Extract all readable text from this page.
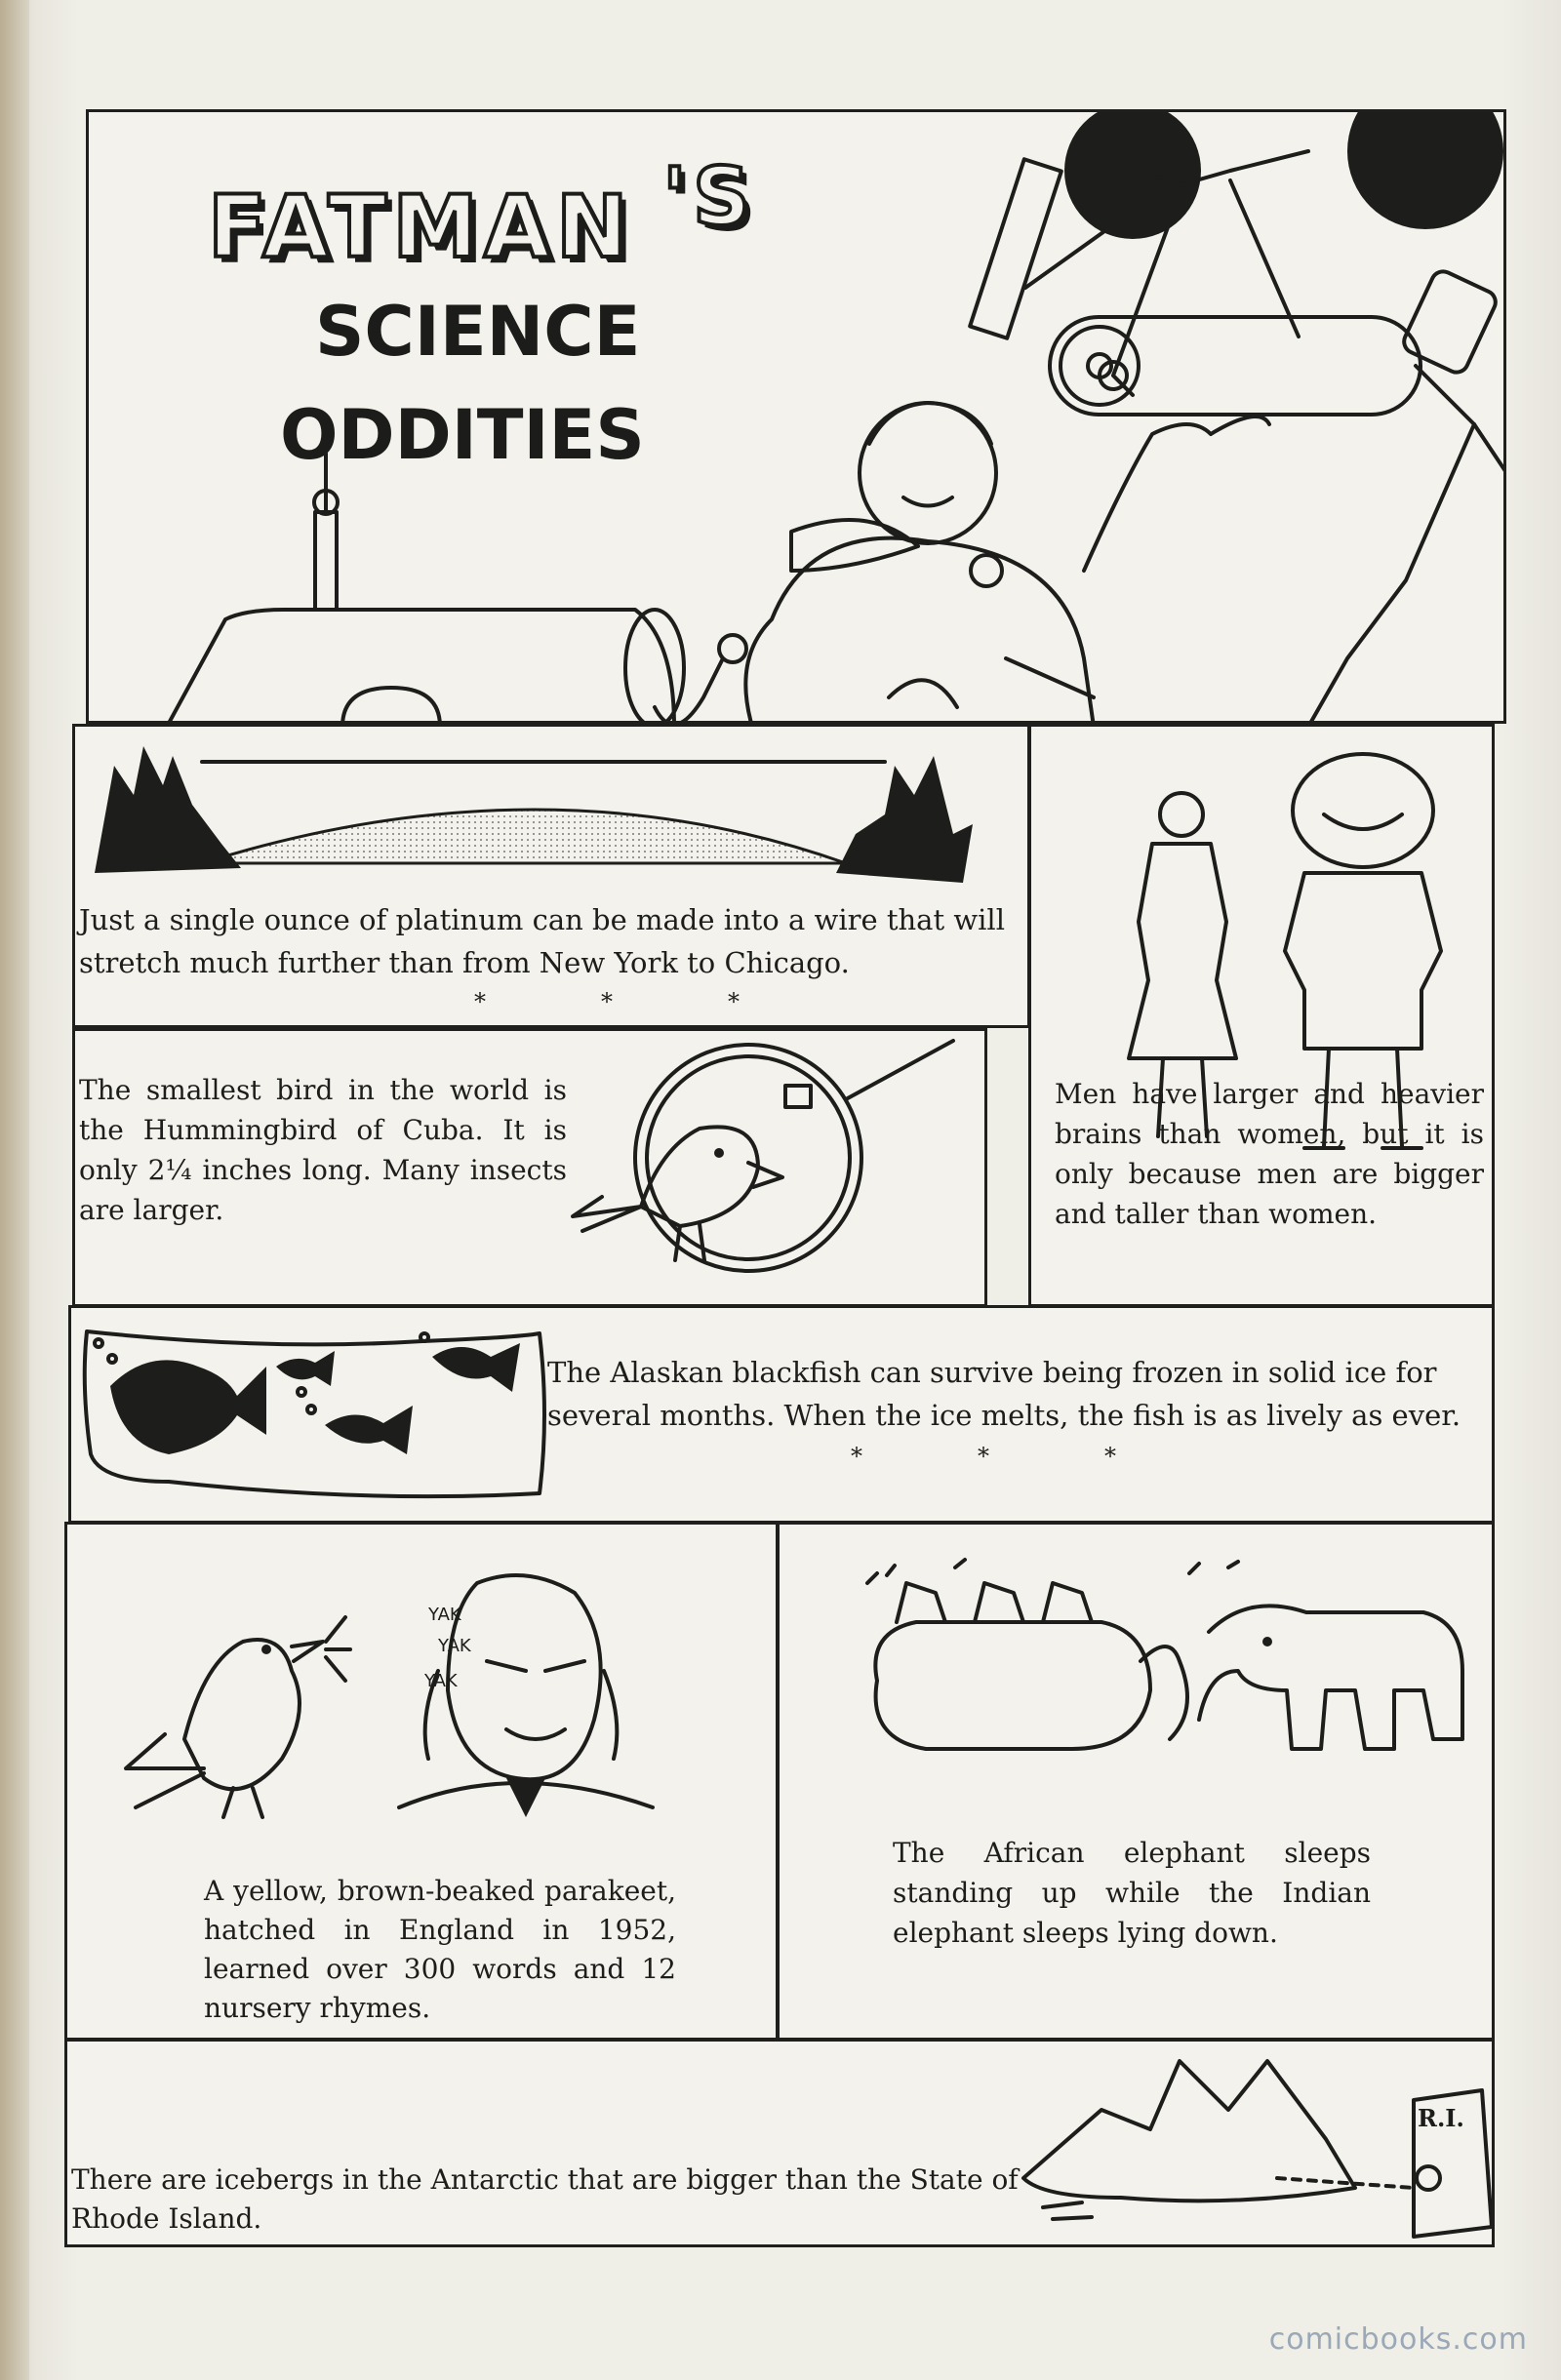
FATMAN 'S
SCIENCE
ODDITIES
Just a single ounce of platinum can be made into a wire that will stretch much further than from New York to Chicago.
*	*	*
Men have larger and heavier brains than women, but it is only because men are bigger and taller than women.
The smallest bird in the world is the Hummingbird of Cuba. It is only 2¼ inches long. Many insects are larger.
The Alaskan blackfish can survive being frozen in solid ice for several months. When the ice melts, the fish is as lively as ever.
*	*	*
YAK
YAK
YAK
A yellow, brown-beaked parakeet, hatched in England in 1952, learned over 300 words and 12 nursery rhymes.
The African elephant sleeps standing up while the Indian elephant sleeps lying down.
R.I.
There are icebergs in the Antarctic that are bigger than the State of Rhode Island.
comicbooks.com
